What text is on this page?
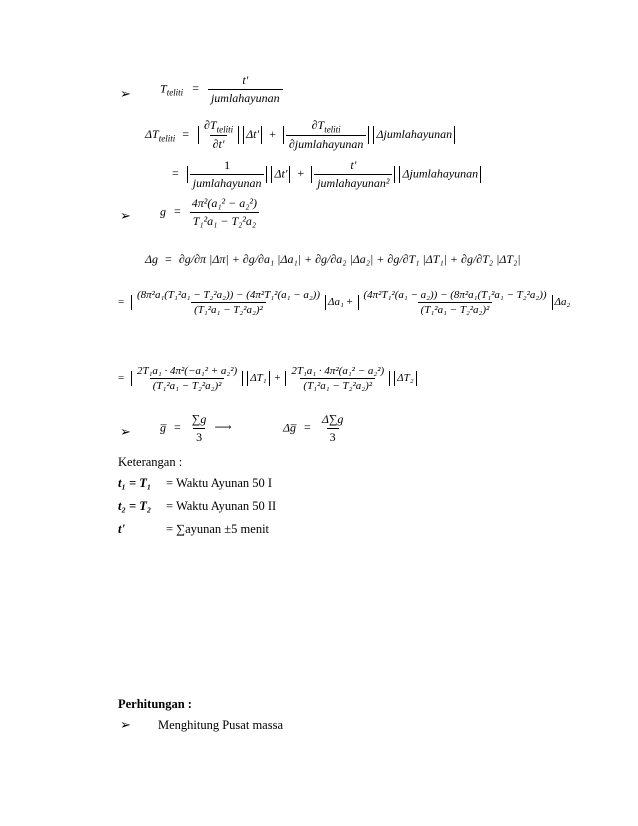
➢ $T_{teliti} = \frac{t'}{\text{jumlahayunan}}$
$\Delta T_{teliti} = \frac{\partial T_{teliti}}{\partial t'} \Delta t' + \frac{\partial T_{teliti}}{\text{∂jumlahayunan}}$ Δjumlahayunan
= $\frac{1}{\text{jumlahayunan}} \Delta t' + \frac{t'}{\text{jumlahayunan²}}$ Δjumlahayunan
➢ $g = \frac{\text{4π²(a₁² − a₂²)}}{\text{T₁²a₁ − T₂²a₂}}$
Δg = ∂g/∂π |Δπ| + ∂g/∂a₁ |Δa₁| + ∂g/∂a₂ |Δa₂| + ∂g/∂T₁ |ΔT₁| + ∂g/∂T₂ |ΔT₂|
= $\frac{\text{(8π²a₁(T₁²a₁ − T₂²a₂)) − (4π²T₁²(a₁ − a₂))}}{\text{(T₁²a₁ − T₂²a₂)²}} \Delta a_1 + \frac{\text{(4π²T₁²(a₁ − a₂)) − (8π²a₁(T₁²a₁ − T₂²a₂))}}{\text{(T₁²a₁ − T₂²a₂)²}} \Delta a_2$
= $\frac{\text{2T₁a₁ · 4π²(−a₁² + a₂²)}}{\text{(T₁²a₁ − T₂²a₂)²}} \Delta T_1 + \frac{\text{2T₁a₁ · 4π²(a₁² − a₂²)}}{\text{(T₁²a₁ − T₂²a₂)²}} \Delta T_2$
➢ g̅ = $\frac{\sum g}{3}$ ⟶	Δg̅ = $\frac{\Delta\sum g}{3}$
Keterangan :
t₁ = T₁ = Waktu Ayunan 50 I
t₂ = T₂ = Waktu Ayunan 50 II
t'	= ∑ayunan ±5 menit
Perhitungan :
➢ Menghitung Pusat massa
